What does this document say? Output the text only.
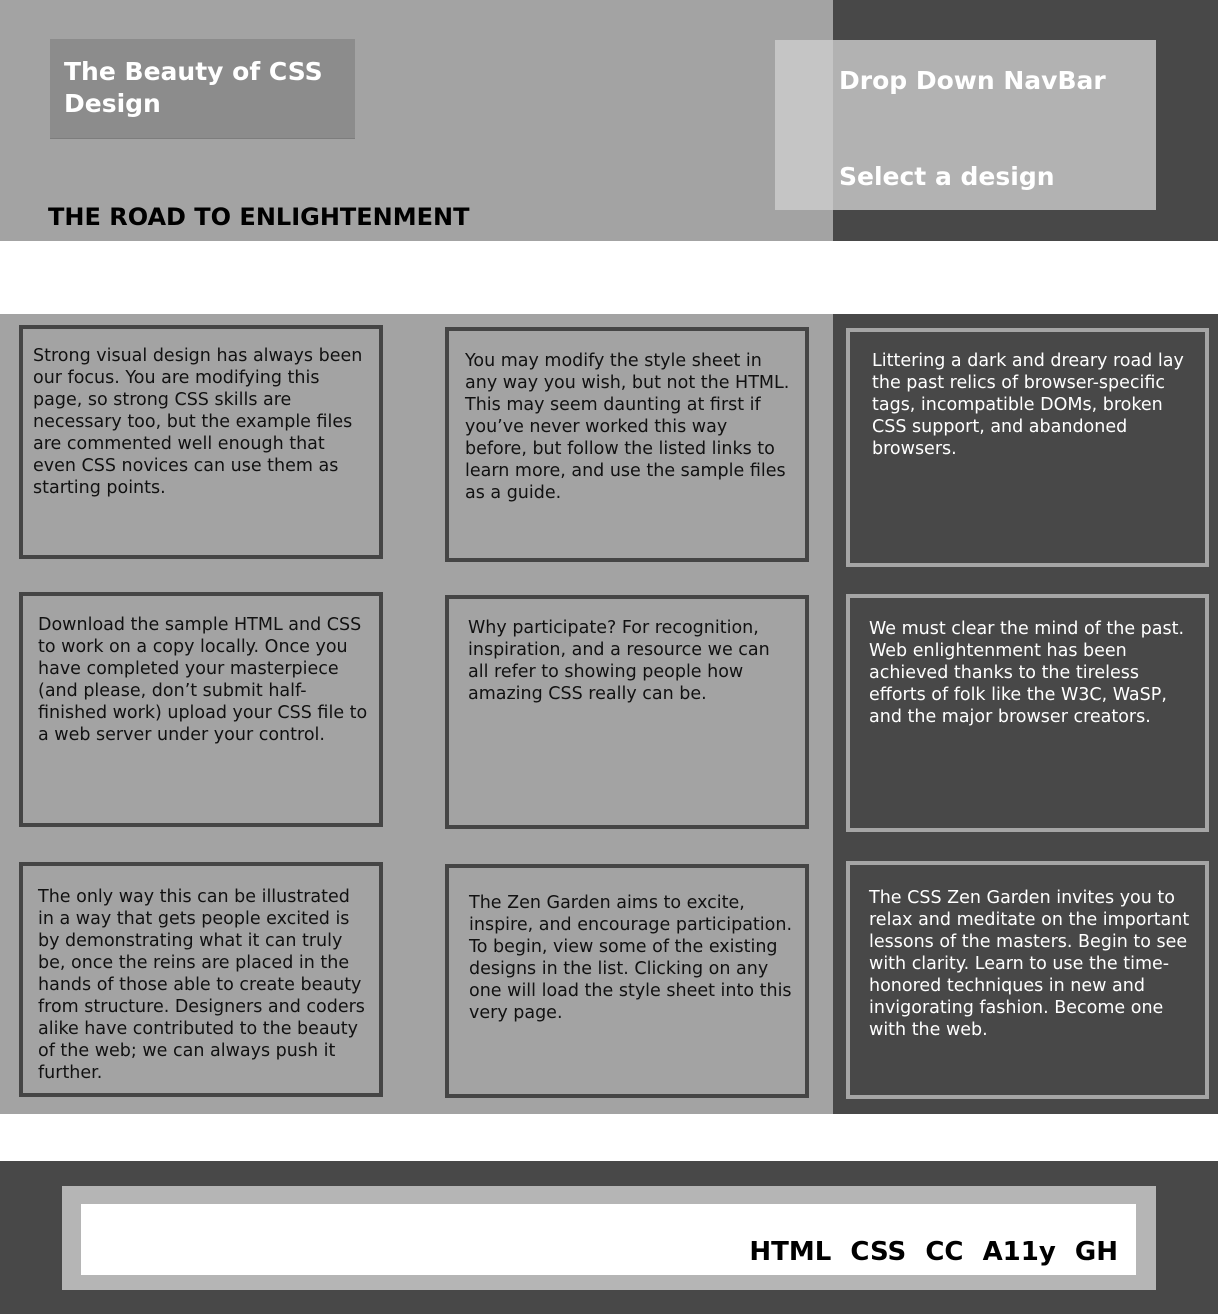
The Beauty of CSS Design
THE ROAD TO ENLIGHTENMENT
Drop Down NavBar
Select a design

Strong visual design has always been our focus. You are modifying this page, so strong CSS skills are necessary too, but the example files are commented well enough that even CSS novices can use them as starting points.

You may modify the style sheet in any way you wish, but not the HTML. This may seem daunting at first if you’ve never worked this way before, but follow the listed links to learn more, and use the sample files as a guide.

Littering a dark and dreary road lay the past relics of browser-specific tags, incompatible DOMs, broken CSS support, and abandoned browsers.

Download the sample HTML and CSS to work on a copy locally. Once you have completed your masterpiece (and please, don’t submit half-finished work) upload your CSS file to a web server under your control.

Why participate? For recognition, inspiration, and a resource we can all refer to showing people how amazing CSS really can be.

We must clear the mind of the past. Web enlightenment has been achieved thanks to the tireless efforts of folk like the W3C, WaSP, and the major browser creators.

The only way this can be illustrated in a way that gets people excited is by demonstrating what it can truly be, once the reins are placed in the hands of those able to create beauty from structure. Designers and coders alike have contributed to the beauty of the web; we can always push it further.

The Zen Garden aims to excite, inspire, and encourage participation. To begin, view some of the existing designs in the list. Clicking on any one will load the style sheet into this very page.

The CSS Zen Garden invites you to relax and meditate on the important lessons of the masters. Begin to see with clarity. Learn to use the time-honored techniques in new and invigorating fashion. Become one with the web.

HTML CSS CC A11y GH
